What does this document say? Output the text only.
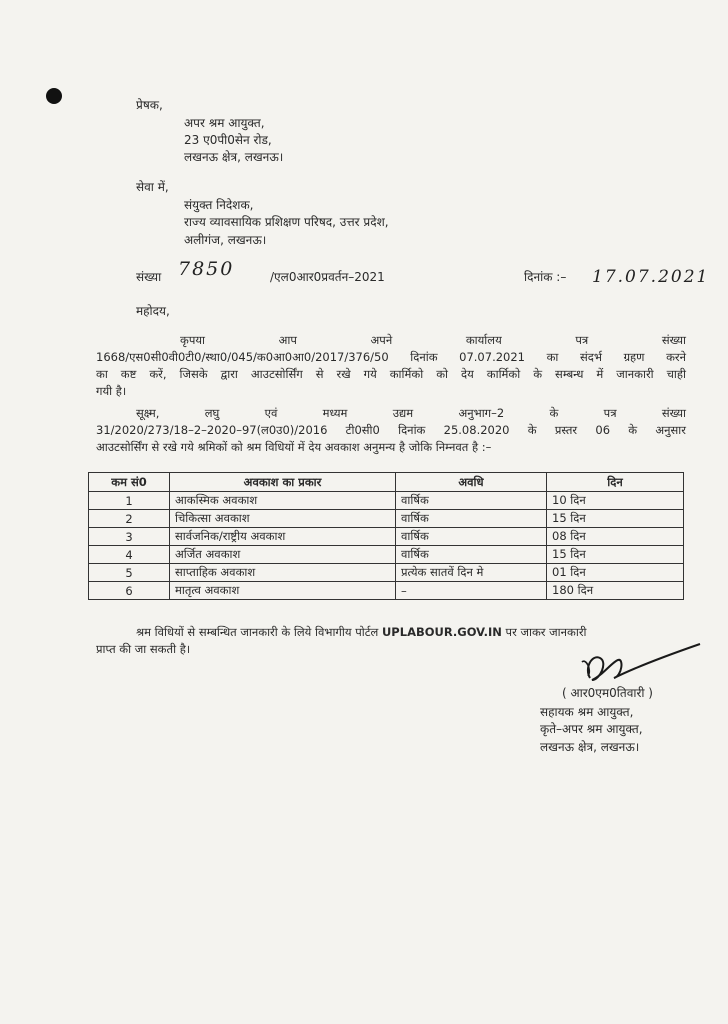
प्रेषक,
अपर श्रम आयुक्त,
23 ए0पी0सेन रोड,
लखनऊ क्षेत्र, लखनऊ।
सेवा में,
संयुक्त निदेशक,
राज्य व्यावसायिक प्रशिक्षण परिषद, उत्तर प्रदेश,
अलीगंज, लखनऊ।
संख्या 7850	/एल0आर0प्रवर्तन–2021	दिनांक :– 17.07.2021
महोदय,
कृपया आप अपने कार्यालय पत्र संख्या
1668/एस0सी0वी0टी0/स्था0/045/क0आ0आ0/2017/376/50 दिनांक 07.07.2021 का संदर्भ ग्रहण करने
का कष्ट करें, जिसके द्वारा आउटसोर्सिंग से रखे गये कार्मिको को देय कार्मिको के सम्बन्ध में जानकारी चाही
गयी है।
सूक्ष्म, लघु एवं मध्यम उद्यम अनुभाग–2 के पत्र संख्या
31/2020/273/18–2–2020–97(ल0उ0)/2016 टी0सी0 दिनांक 25.08.2020 के प्रस्तर 06 के अनुसार
आउटसोर्सिंग से रखे गये श्रमिकों को श्रम विधियों में देय अवकाश अनुमन्य है जोकि निम्नवत है :–
कम सं0	अवकाश का प्रकार	अवधि	दिन
1	आकस्मिक अवकाश	वार्षिक	10 दिन
2	चिकित्सा अवकाश	वार्षिक	15 दिन
3	सार्वजनिक/राष्ट्रीय अवकाश	वार्षिक	08 दिन
4	अर्जित अवकाश	वार्षिक	15 दिन
5	साप्ताहिक अवकाश	प्रत्येक सातवें दिन मे	01 दिन
6	मातृत्व अवकाश	–	180 दिन
श्रम विधियों से सम्बन्धित जानकारी के लिये विभागीय पोर्टल UPLABOUR.GOV.IN पर जाकर जानकारी
प्राप्त की जा सकती है।
( आर0एम0तिवारी )
सहायक श्रम आयुक्त,
कृते–अपर श्रम आयुक्त,
लखनऊ क्षेत्र, लखनऊ।
